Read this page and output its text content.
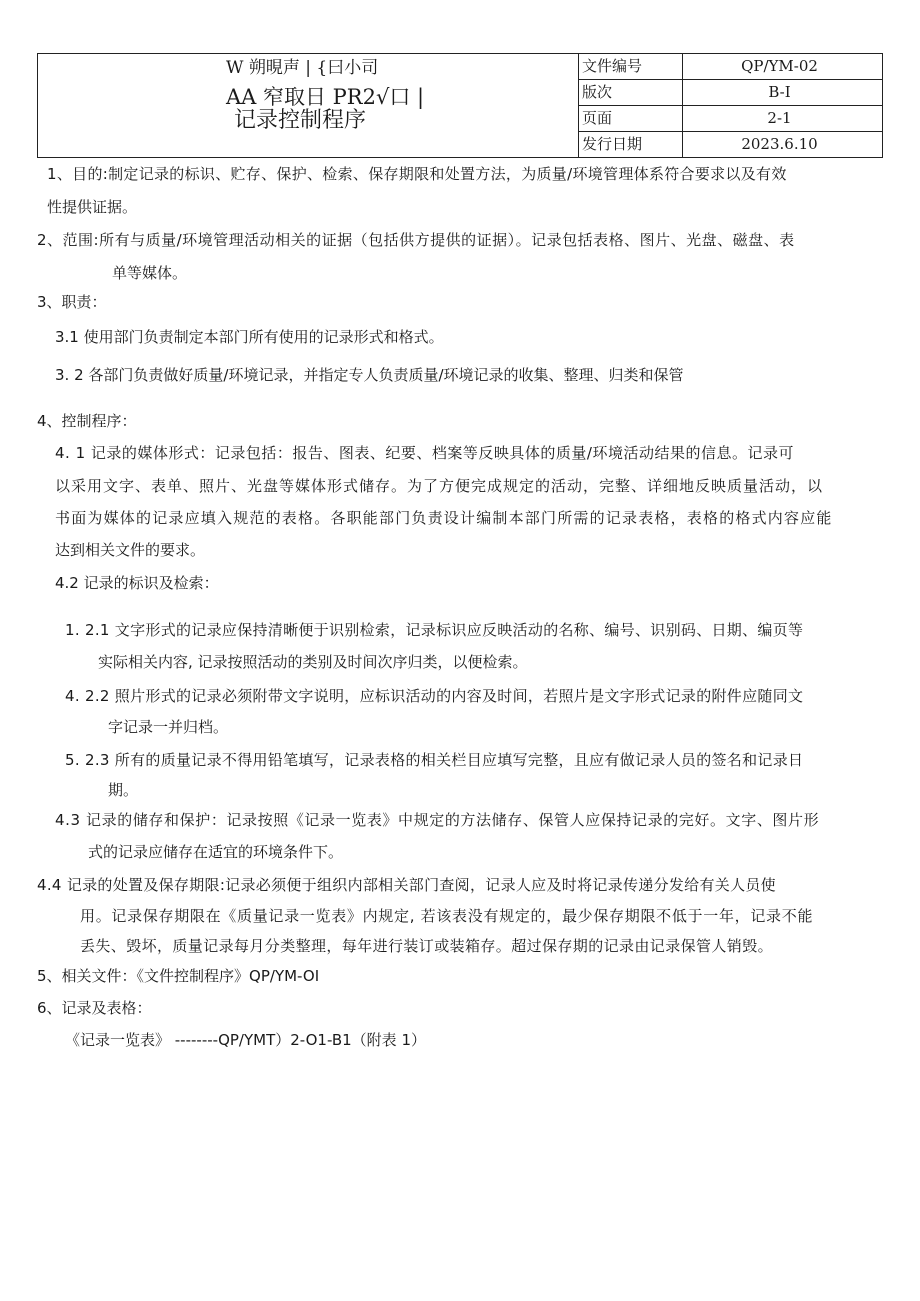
W 朔晛声 | {曰小司
AA 窄取日 PR2√口 |
记录控制程序	文件编号	QP/YM-02
	版次	B-I
	页面	2-1
	发行日期	2023.6.10
1、目的:制定记录的标识、贮存、保护、检索、保存期限和处置方法，为质量/环境管理体系符合要求以及有效
性提供证据。
2、范围:所有与质量/环境管理活动相关的证据（包括供方提供的证据）。记录包括表格、图片、光盘、磁盘、表
单等媒体。
3、职责：
3.1 使用部门负责制定本部门所有使用的记录形式和格式。
3. 2 各部门负责做好质量/环境记录，并指定专人负责质量/环境记录的收集、整理、归类和保管
4、控制程序：
4. 1 记录的媒体形式：记录包括：报告、图表、纪要、档案等反映具体的质量/环境活动结果的信息。记录可
以采用文字、表单、照片、光盘等媒体形式储存。为了方便完成规定的活动，完整、详细地反映质量活动，以
书面为媒体的记录应填入规范的表格。各职能部门负责设计编制本部门所需的记录表格，表格的格式内容应能
达到相关文件的要求。
4.2 记录的标识及检索：
1. 2.1 文字形式的记录应保持清晰便于识别检索，记录标识应反映活动的名称、编号、识别码、日期、编页等
实际相关内容, 记录按照活动的类别及时间次序归类，以便检索。
4. 2.2 照片形式的记录必须附带文字说明，应标识活动的内容及时间，若照片是文字形式记录的附件应随同文
字记录一并归档。
5. 2.3 所有的质量记录不得用铅笔填写，记录表格的相关栏目应填写完整，且应有做记录人员的签名和记录日
期。
4.3 记录的储存和保护：记录按照《记录一览表》中规定的方法储存、保管人应保持记录的完好。文字、图片形
式的记录应储存在适宜的环境条件下。
4.4 记录的处置及保存期限:记录必须便于组织内部相关部门查阅，记录人应及时将记录传递分发给有关人员使
用。记录保存期限在《质量记录一览表》内规定, 若该表没有规定的，最少保存期限不低于一年，记录不能
丢失、毁坏，质量记录每月分类整理，每年进行装订或装箱存。超过保存期的记录由记录保管人销毁。
5、相关文件：《文件控制程序》QP/YM-OI
6、记录及表格：
《记录一览表》 --------QP/YMT）2-O1-B1（附表 1）
